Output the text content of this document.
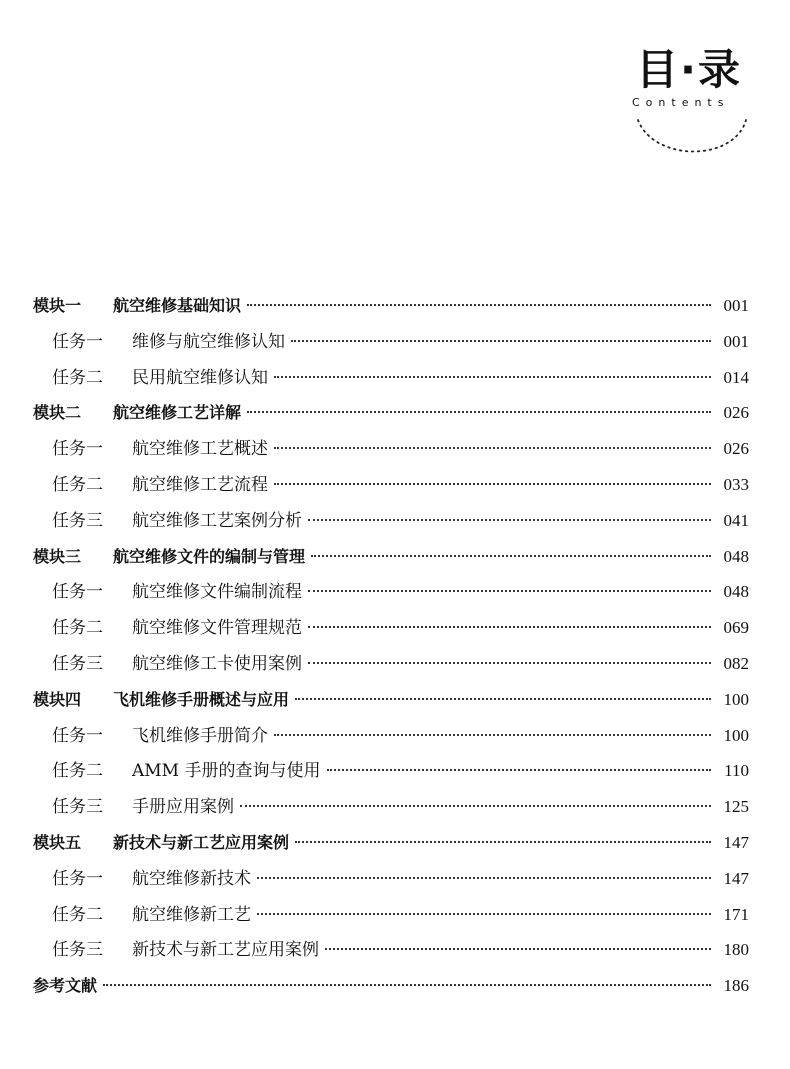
目·录
Contents
模块一 航空维修基础知识	001
任务一 维修与航空维修认知	001
任务二 民用航空维修认知	014
模块二 航空维修工艺详解	026
任务一 航空维修工艺概述	026
任务二 航空维修工艺流程	033
任务三 航空维修工艺案例分析	041
模块三 航空维修文件的编制与管理	048
任务一 航空维修文件编制流程	048
任务二 航空维修文件管理规范	069
任务三 航空维修工卡使用案例	082
模块四 飞机维修手册概述与应用	100
任务一 飞机维修手册简介	100
任务二 AMM 手册的查询与使用	110
任务三 手册应用案例	125
模块五 新技术与新工艺应用案例	147
任务一 航空维修新技术	147
任务二 航空维修新工艺	171
任务三 新技术与新工艺应用案例	180
参考文献	186
